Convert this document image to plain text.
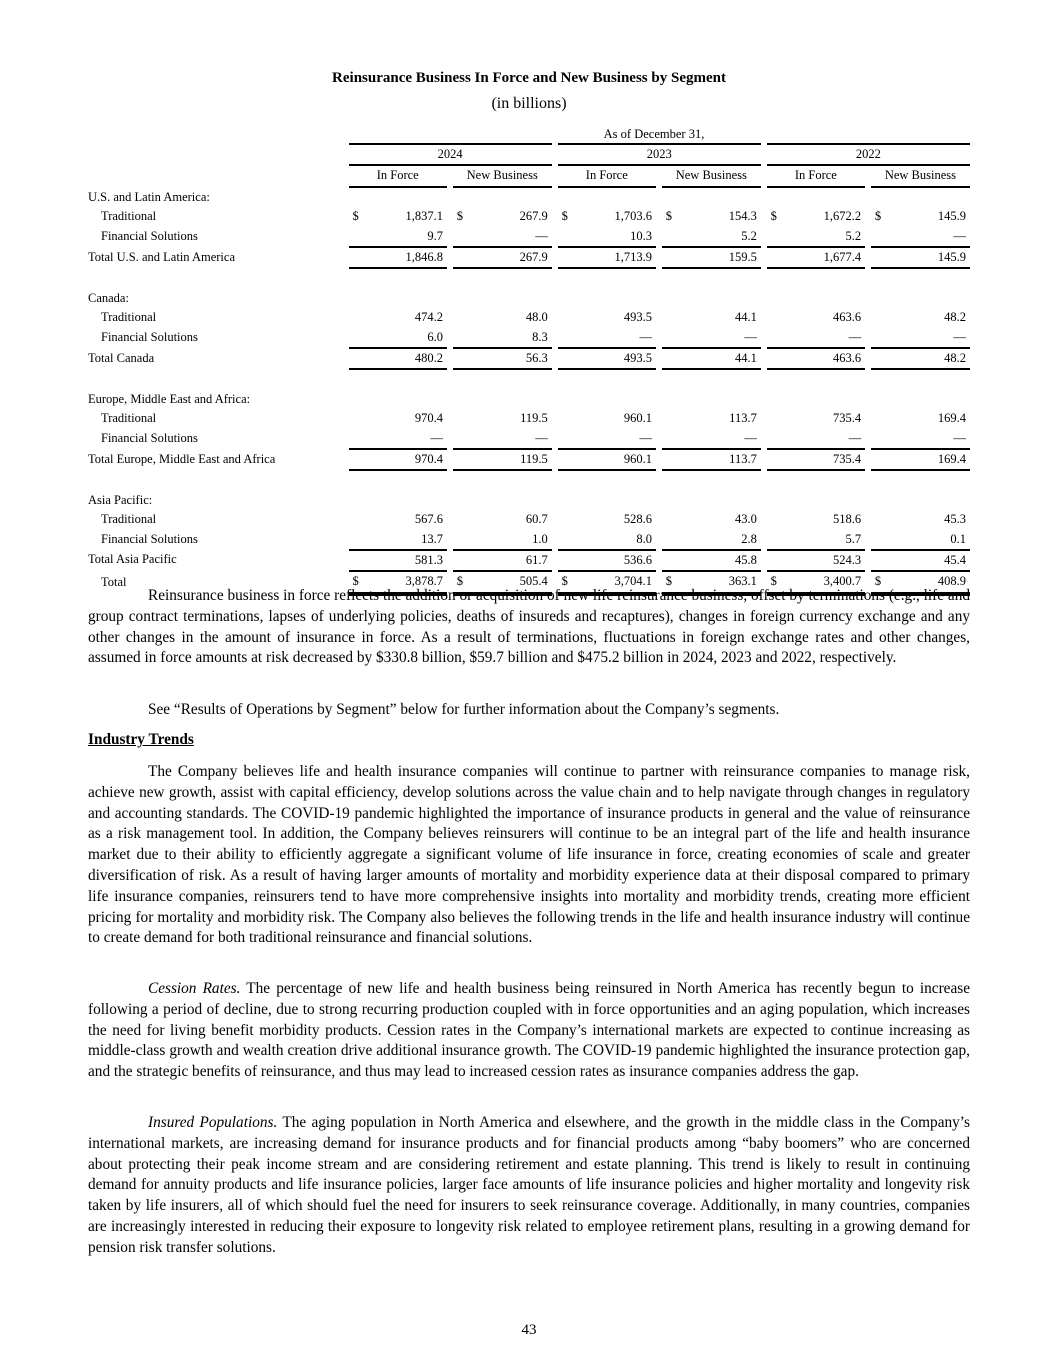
Reinsurance Business In Force and New Business by Segment
(in billions)
As of December 31,
	2024				2023				2022		
	In Force		New Business		In Force		New Business		In Force		New Business
U.S. and Latin America:											
Traditional	$ 1,837.1		$ 267.9		$ 1,703.6		$ 154.3		$ 1,672.2		$ 145.9

Financial Solutions	9.7		—		10.3		5.2		5.2		—

Total U.S. and Latin America	1,846.8		267.9		1,713.9		159.5		1,677.4		145.9

Canada:											
Traditional	474.2		48.0		493.5		44.1		463.6		48.2

Financial Solutions	6.0		8.3		—		—		—		—

Total Canada	480.2		56.3		493.5		44.1		463.6		48.2

Europe, Middle East and Africa:											
Traditional	970.4		119.5		960.1		113.7		735.4		169.4

Financial Solutions	—		—		—		—		—		—

Total Europe, Middle East and Africa	970.4		119.5		960.1		113.7		735.4		169.4

Asia Pacific:											
Traditional	567.6		60.7		528.6		43.0		518.6		45.3

Financial Solutions	13.7		1.0		8.0		2.8		5.7		0.1

Total Asia Pacific	581.3		61.7		536.6		45.8		524.3		45.4

Total	$ 3,878.7		$ 505.4		$ 3,704.1		$ 363.1		$ 3,400.7		$ 408.9

Reinsurance business in force reflects the addition or acquisition of new life reinsurance business, offset by terminations (e.g., life and group contract terminations, lapses of underlying policies, deaths of insureds and recaptures), changes in foreign currency exchange and any other changes in the amount of insurance in force. As a result of terminations, fluctuations in foreign exchange rates and other changes, assumed in force amounts at risk decreased by $330.8 billion, $59.7 billion and $475.2 billion in 2024, 2023 and 2022, respectively.

See “Results of Operations by Segment” below for further information about the Company’s segments.

Industry Trends

The Company believes life and health insurance companies will continue to partner with reinsurance companies to manage risk, achieve new growth, assist with capital efficiency, develop solutions across the value chain and to help navigate through changes in regulatory and accounting standards. The COVID-19 pandemic highlighted the importance of insurance products in general and the value of reinsurance as a risk management tool. In addition, the Company believes reinsurers will continue to be an integral part of the life and health insurance market due to their ability to efficiently aggregate a significant volume of life insurance in force, creating economies of scale and greater diversification of risk. As a result of having larger amounts of mortality and morbidity experience data at their disposal compared to primary life insurance companies, reinsurers tend to have more comprehensive insights into mortality and morbidity trends, creating more efficient pricing for mortality and morbidity risk. The Company also believes the following trends in the life and health insurance industry will continue to create demand for both traditional reinsurance and financial solutions.

Cession Rates. The percentage of new life and health business being reinsured in North America has recently begun to increase following a period of decline, due to strong recurring production coupled with in force opportunities and an aging population, which increases the need for living benefit morbidity products. Cession rates in the Company’s international markets are expected to continue increasing as middle-class growth and wealth creation drive additional insurance growth. The COVID-19 pandemic highlighted the insurance protection gap, and the strategic benefits of reinsurance, and thus may lead to increased cession rates as insurance companies address the gap.

Insured Populations. The aging population in North America and elsewhere, and the growth in the middle class in the Company’s international markets, are increasing demand for insurance products and for financial products among “baby boomers” who are concerned about protecting their peak income stream and are considering retirement and estate planning. This trend is likely to result in continuing demand for annuity products and life insurance policies, larger face amounts of life insurance policies and higher mortality and longevity risk taken by life insurers, all of which should fuel the need for insurers to seek reinsurance coverage. Additionally, in many countries, companies are increasingly interested in reducing their exposure to longevity risk related to employee retirement plans, resulting in a growing demand for pension risk transfer solutions.

43
